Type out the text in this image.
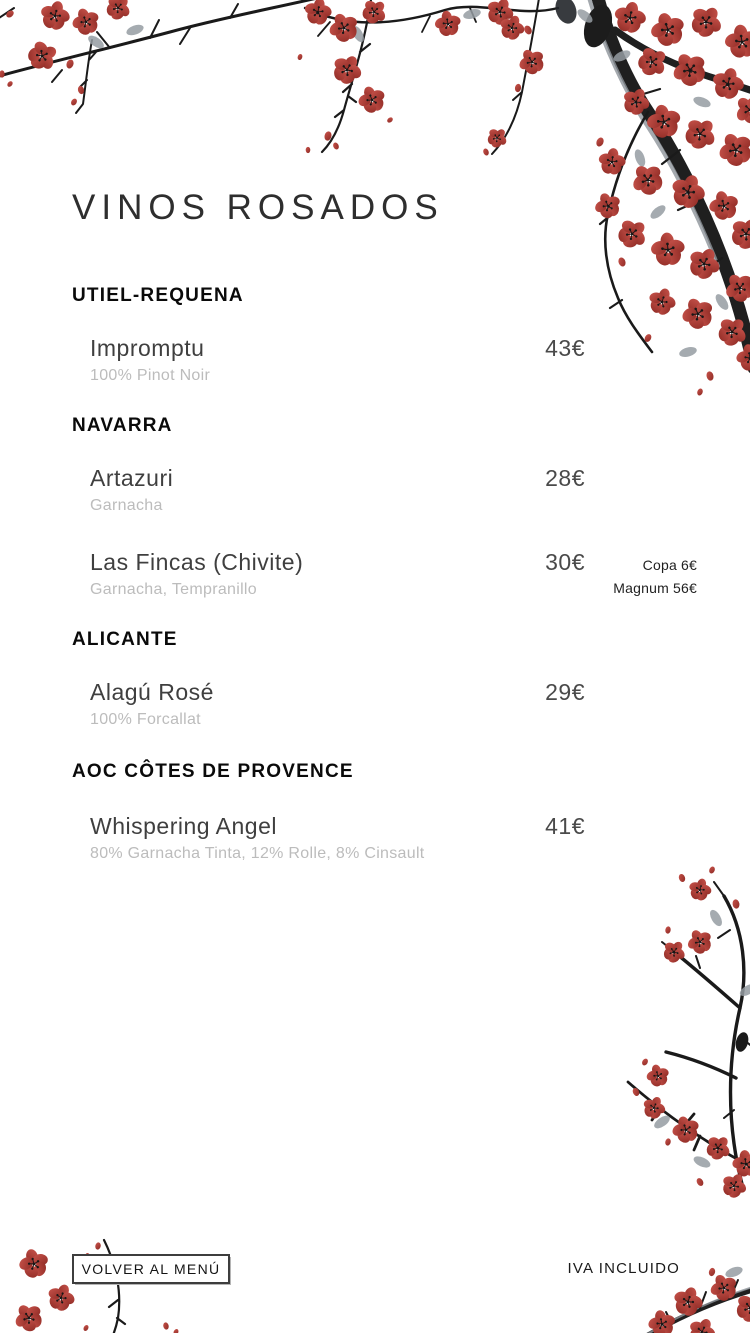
VINOS ROSADOS
UTIEL-REQUENA
Impromptu
100% Pinot Noir
43€
NAVARRA
Artazuri
Garnacha
28€
Las Fincas (Chivite)
Garnacha, Tempranillo
30€	Copa 6€
Magnum 56€
ALICANTE
Alagú Rosé
100% Forcallat
29€
AOC CÔTES DE PROVENCE
Whispering Angel
80% Garnacha Tinta, 12% Rolle, 8% Cinsault
41€
VOLVER AL MENÚ	IVA INCLUIDO
